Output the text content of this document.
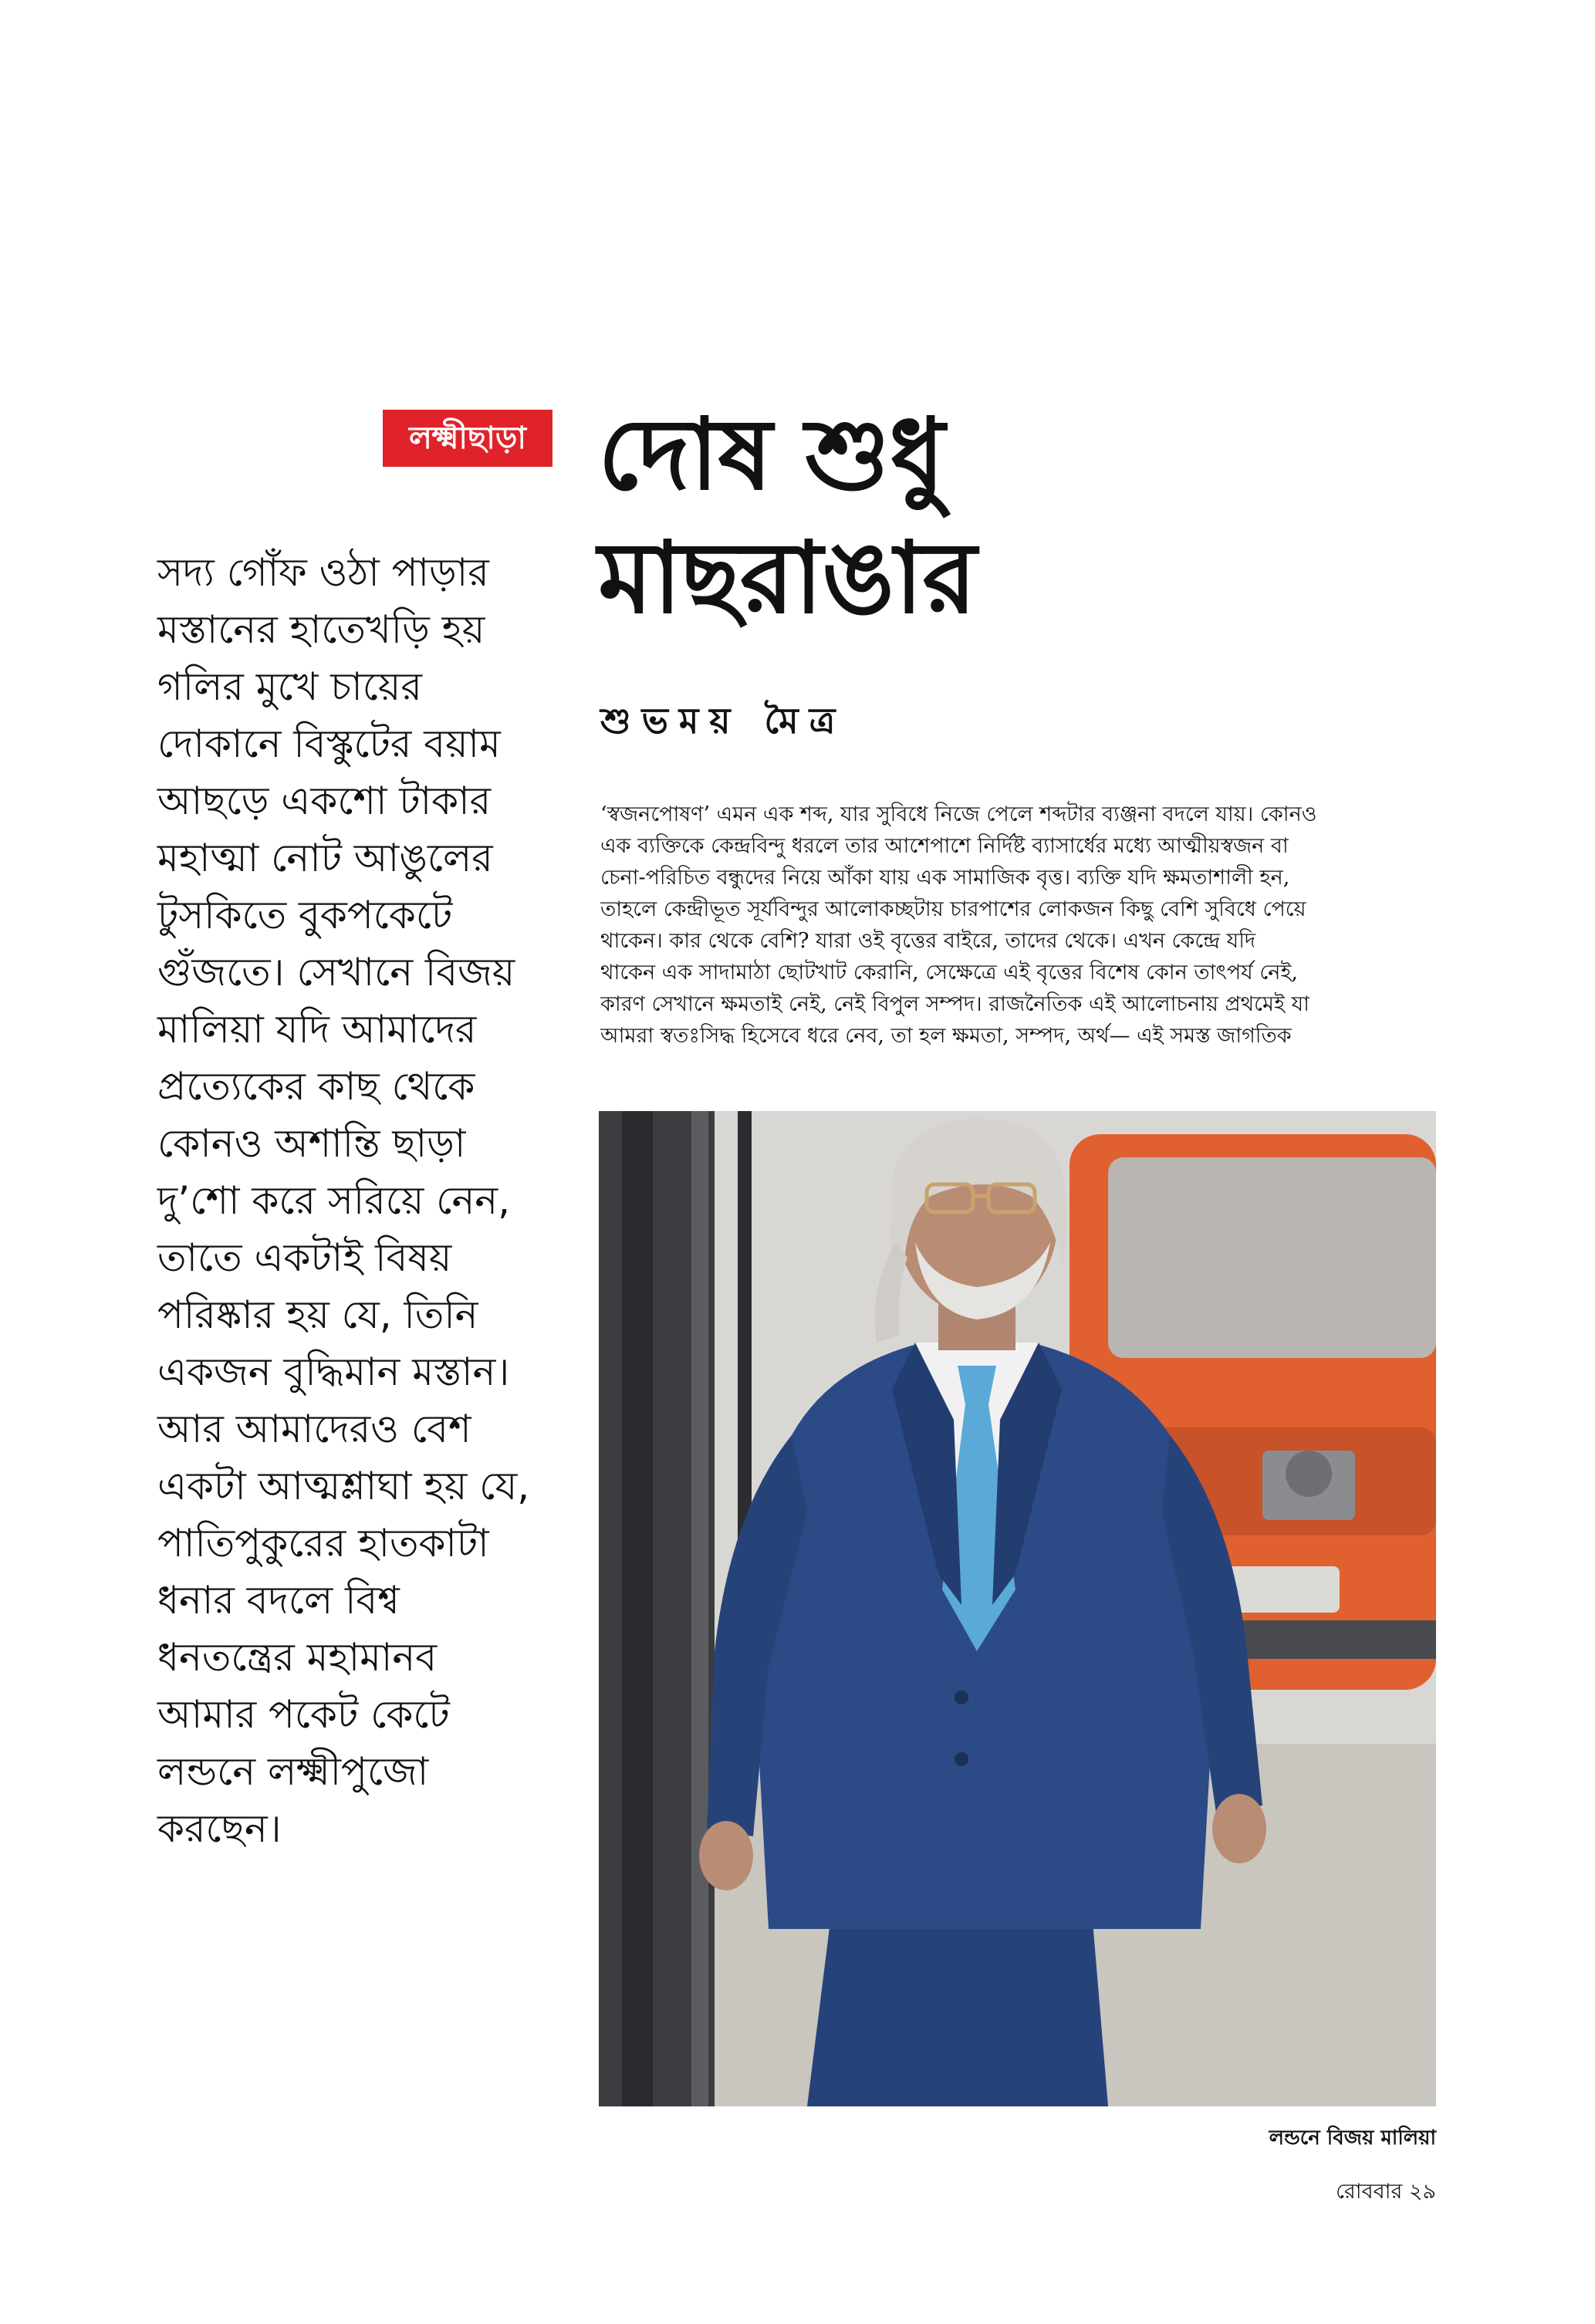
লক্ষ্মীছাড়া দোষ শুধু
মাছরাঙার
শুভময় মৈত্র
সদ্য গোঁফ ওঠা পাড়ার
মস্তানের হাতেখড়ি হয়
গলির মুখে চায়ের
দোকানে বিস্কুটের বয়াম
আছড়ে একশো টাকার
মহাত্মা নোট আঙুলের
টুসকিতে বুকপকেটে
গুঁজতে। সেখানে বিজয়
মালিয়া যদি আমাদের
প্রত্যেকের কাছ থেকে
কোনও অশান্তি ছাড়া
দু’শো করে সরিয়ে নেন,
তাতে একটাই বিষয়
পরিষ্কার হয় যে, তিনি
একজন বুদ্ধিমান মস্তান।
আর আমাদেরও বেশ
একটা আত্মশ্লাঘা হয় যে,
পাতিপুকুরের হাতকাটা
ধনার বদলে বিশ্ব
ধনতন্ত্রের মহামানব
আমার পকেট কেটে
লন্ডনে লক্ষ্মীপুজো
করছেন।
‘স্বজনপোষণ’ এমন এক শব্দ, যার সুবিধে নিজে পেলে শব্দটার ব্যঞ্জনা বদলে যায়। কোনও
এক ব্যক্তিকে কেন্দ্রবিন্দু ধরলে তার আশেপাশে নির্দিষ্ট ব্যাসার্ধের মধ্যে আত্মীয়স্বজন বা
চেনা-পরিচিত বন্ধুদের নিয়ে আঁকা যায় এক সামাজিক বৃত্ত। ব্যক্তি যদি ক্ষমতাশালী হন,
তাহলে কেন্দ্রীভূত সূর্যবিন্দুর আলোকচ্ছটায় চারপাশের লোকজন কিছু বেশি সুবিধে পেয়ে
থাকেন। কার থেকে বেশি? যারা ওই বৃত্তের বাইরে, তাদের থেকে। এখন কেন্দ্রে যদি
থাকেন এক সাদামাঠা ছোটখাট কেরানি, সেক্ষেত্রে এই বৃত্তের বিশেষ কোন তাৎপর্য নেই,
কারণ সেখানে ক্ষমতাই নেই, নেই বিপুল সম্পদ। রাজনৈতিক এই আলোচনায় প্রথমেই যা
আমরা স্বতঃসিদ্ধ হিসেবে ধরে নেব, তা হল ক্ষমতা, সম্পদ, অর্থ— এই সমস্ত জাগতিক
লন্ডনে বিজয় মালিয়া
রোববার ২৯
